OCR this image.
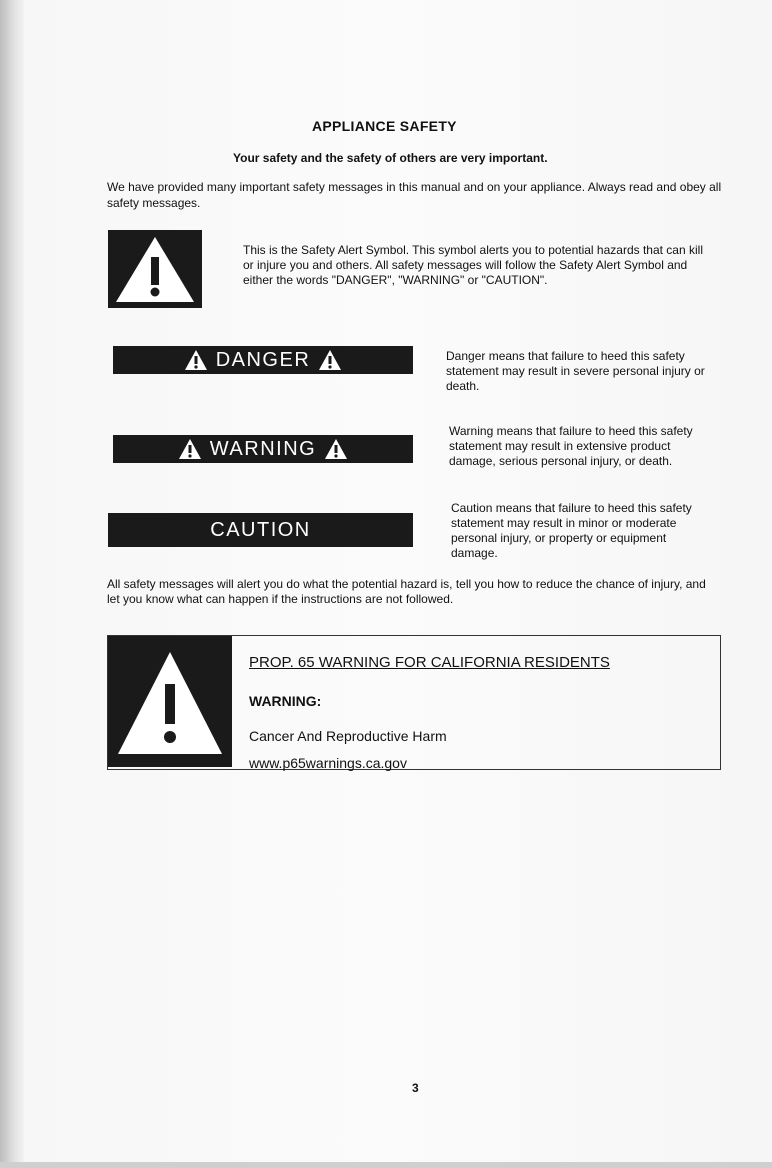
APPLIANCE SAFETY
Your safety and the safety of others are very important.
We have provided many important safety messages in this manual and on your appliance. Always read and obey all safety messages.
This is the Safety Alert Symbol. This symbol alerts you to potential hazards that can kill or injure you and others. All safety messages will follow the Safety Alert Symbol and either the words "DANGER", "WARNING" or "CAUTION".
DANGER	Danger means that failure to heed this safety statement may result in severe personal injury or death.
WARNING
Warning means that failure to heed this safety statement may result in extensive product damage, serious personal injury, or death.
CAUTION
Caution means that failure to heed this safety statement may result in minor or moderate personal injury, or property or equipment damage.
All safety messages will alert you do what the potential hazard is, tell you how to reduce the chance of injury, and let you know what can happen if the instructions are not followed.
PROP. 65 WARNING FOR CALIFORNIA RESIDENTS
WARNING:
Cancer And Reproductive Harm
www.p65warnings.ca.gov
3
